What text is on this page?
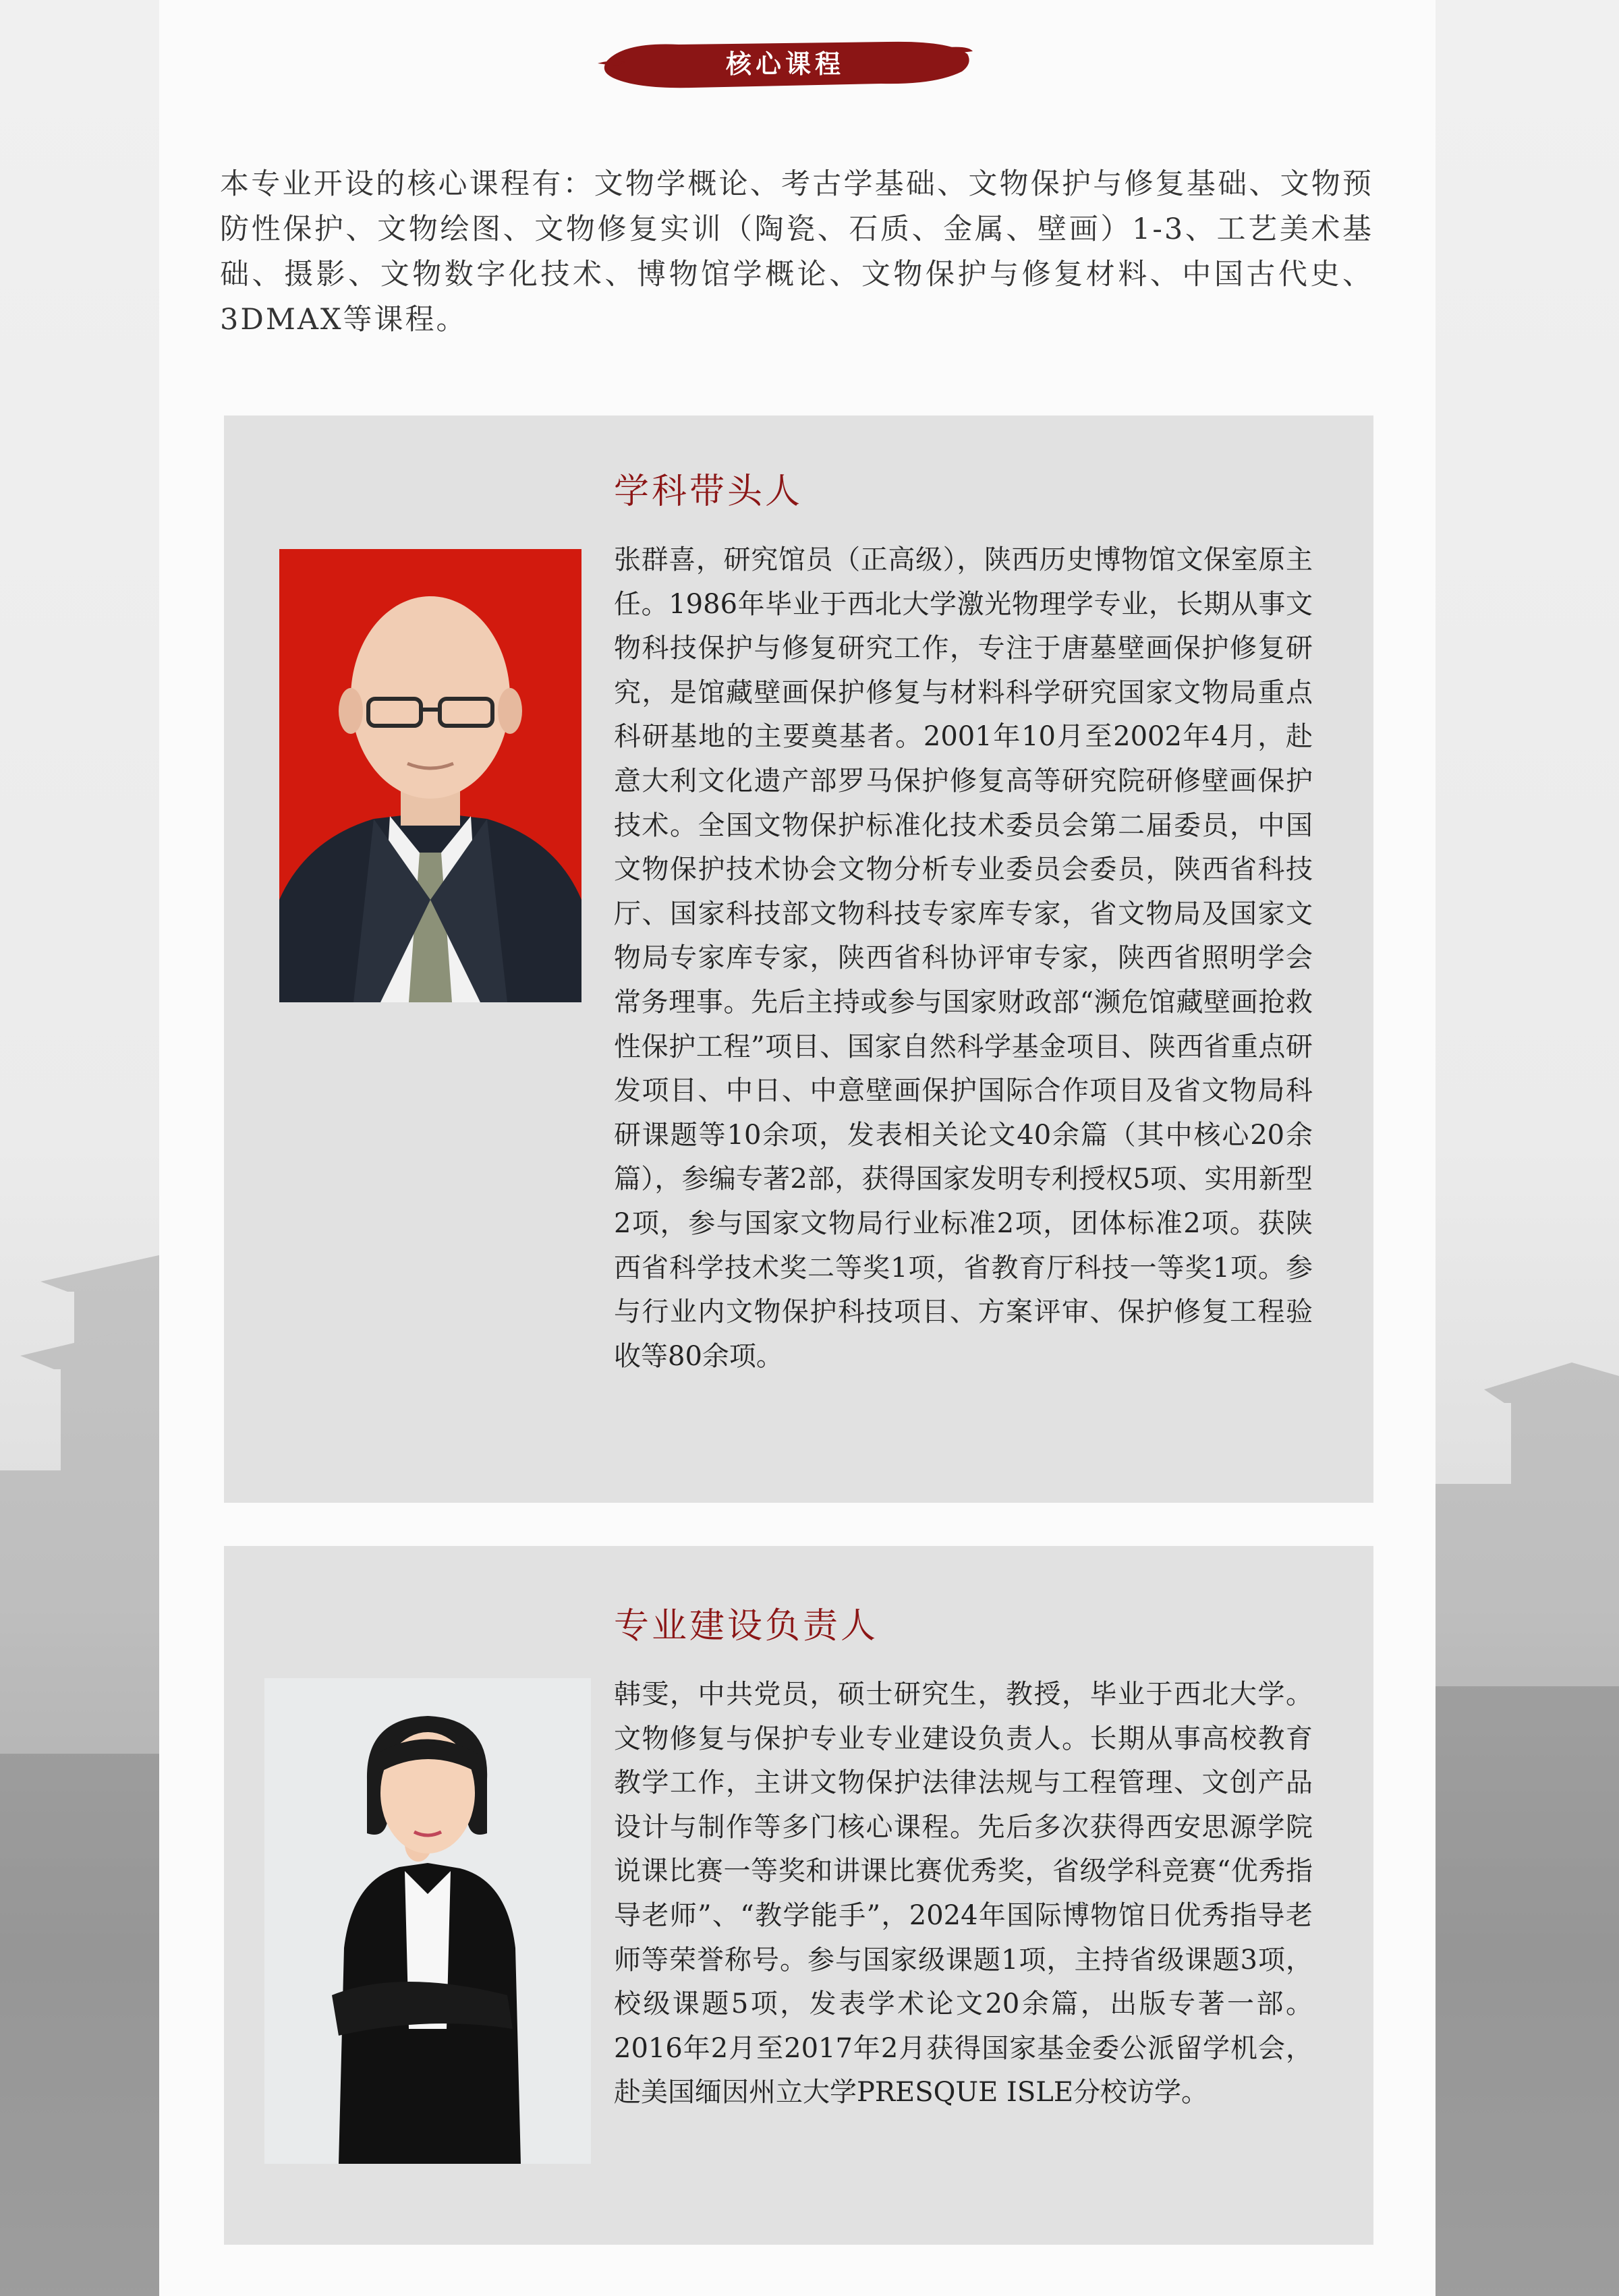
核心课程

本专业开设的核心课程有：文物学概论、考古学基础、文物保护与修复基础、文物预防性保护、文物绘图、文物修复实训（陶瓷、石质、金属、壁画）1-3、工艺美术基础、摄影、文物数字化技术、博物馆学概论、文物保护与修复材料、中国古代史、3DMAX等课程。

学科带头人

张群喜，研究馆员（正高级），陕西历史博物馆文保室原主任。1986年毕业于西北大学激光物理学专业，长期从事文物科技保护与修复研究工作，专注于唐墓壁画保护修复研究，是馆藏壁画保护修复与材料科学研究国家文物局重点科研基地的主要奠基者。2001年10月至2002年4月，赴意大利文化遗产部罗马保护修复高等研究院研修壁画保护技术。全国文物保护标准化技术委员会第二届委员，中国文物保护技术协会文物分析专业委员会委员，陕西省科技厅、国家科技部文物科技专家库专家，省文物局及国家文物局专家库专家，陕西省科协评审专家，陕西省照明学会常务理事。先后主持或参与国家财政部“濒危馆藏壁画抢救性保护工程”项目、国家自然科学基金项目、陕西省重点研发项目、中日、中意壁画保护国际合作项目及省文物局科研课题等10余项，发表相关论文40余篇（其中核心20余篇），参编专著2部，获得国家发明专利授权5项、实用新型2项，参与国家文物局行业标准2项，团体标准2项。获陕西省科学技术奖二等奖1项，省教育厅科技一等奖1项。参与行业内文物保护科技项目、方案评审、保护修复工程验收等80余项。

专业建设负责人

韩雯，中共党员，硕士研究生，教授，毕业于西北大学。文物修复与保护专业专业建设负责人。长期从事高校教育教学工作，主讲文物保护法律法规与工程管理、文创产品设计与制作等多门核心课程。先后多次获得西安思源学院说课比赛一等奖和讲课比赛优秀奖，省级学科竞赛“优秀指导老师”、“教学能手”，2024年国际博物馆日优秀指导老师等荣誉称号。参与国家级课题1项，主持省级课题3项，校级课题5项，发表学术论文20余篇，出版专著一部。2016年2月至2017年2月获得国家基金委公派留学机会，赴美国缅因州立大学PRESQUE ISLE分校访学。
